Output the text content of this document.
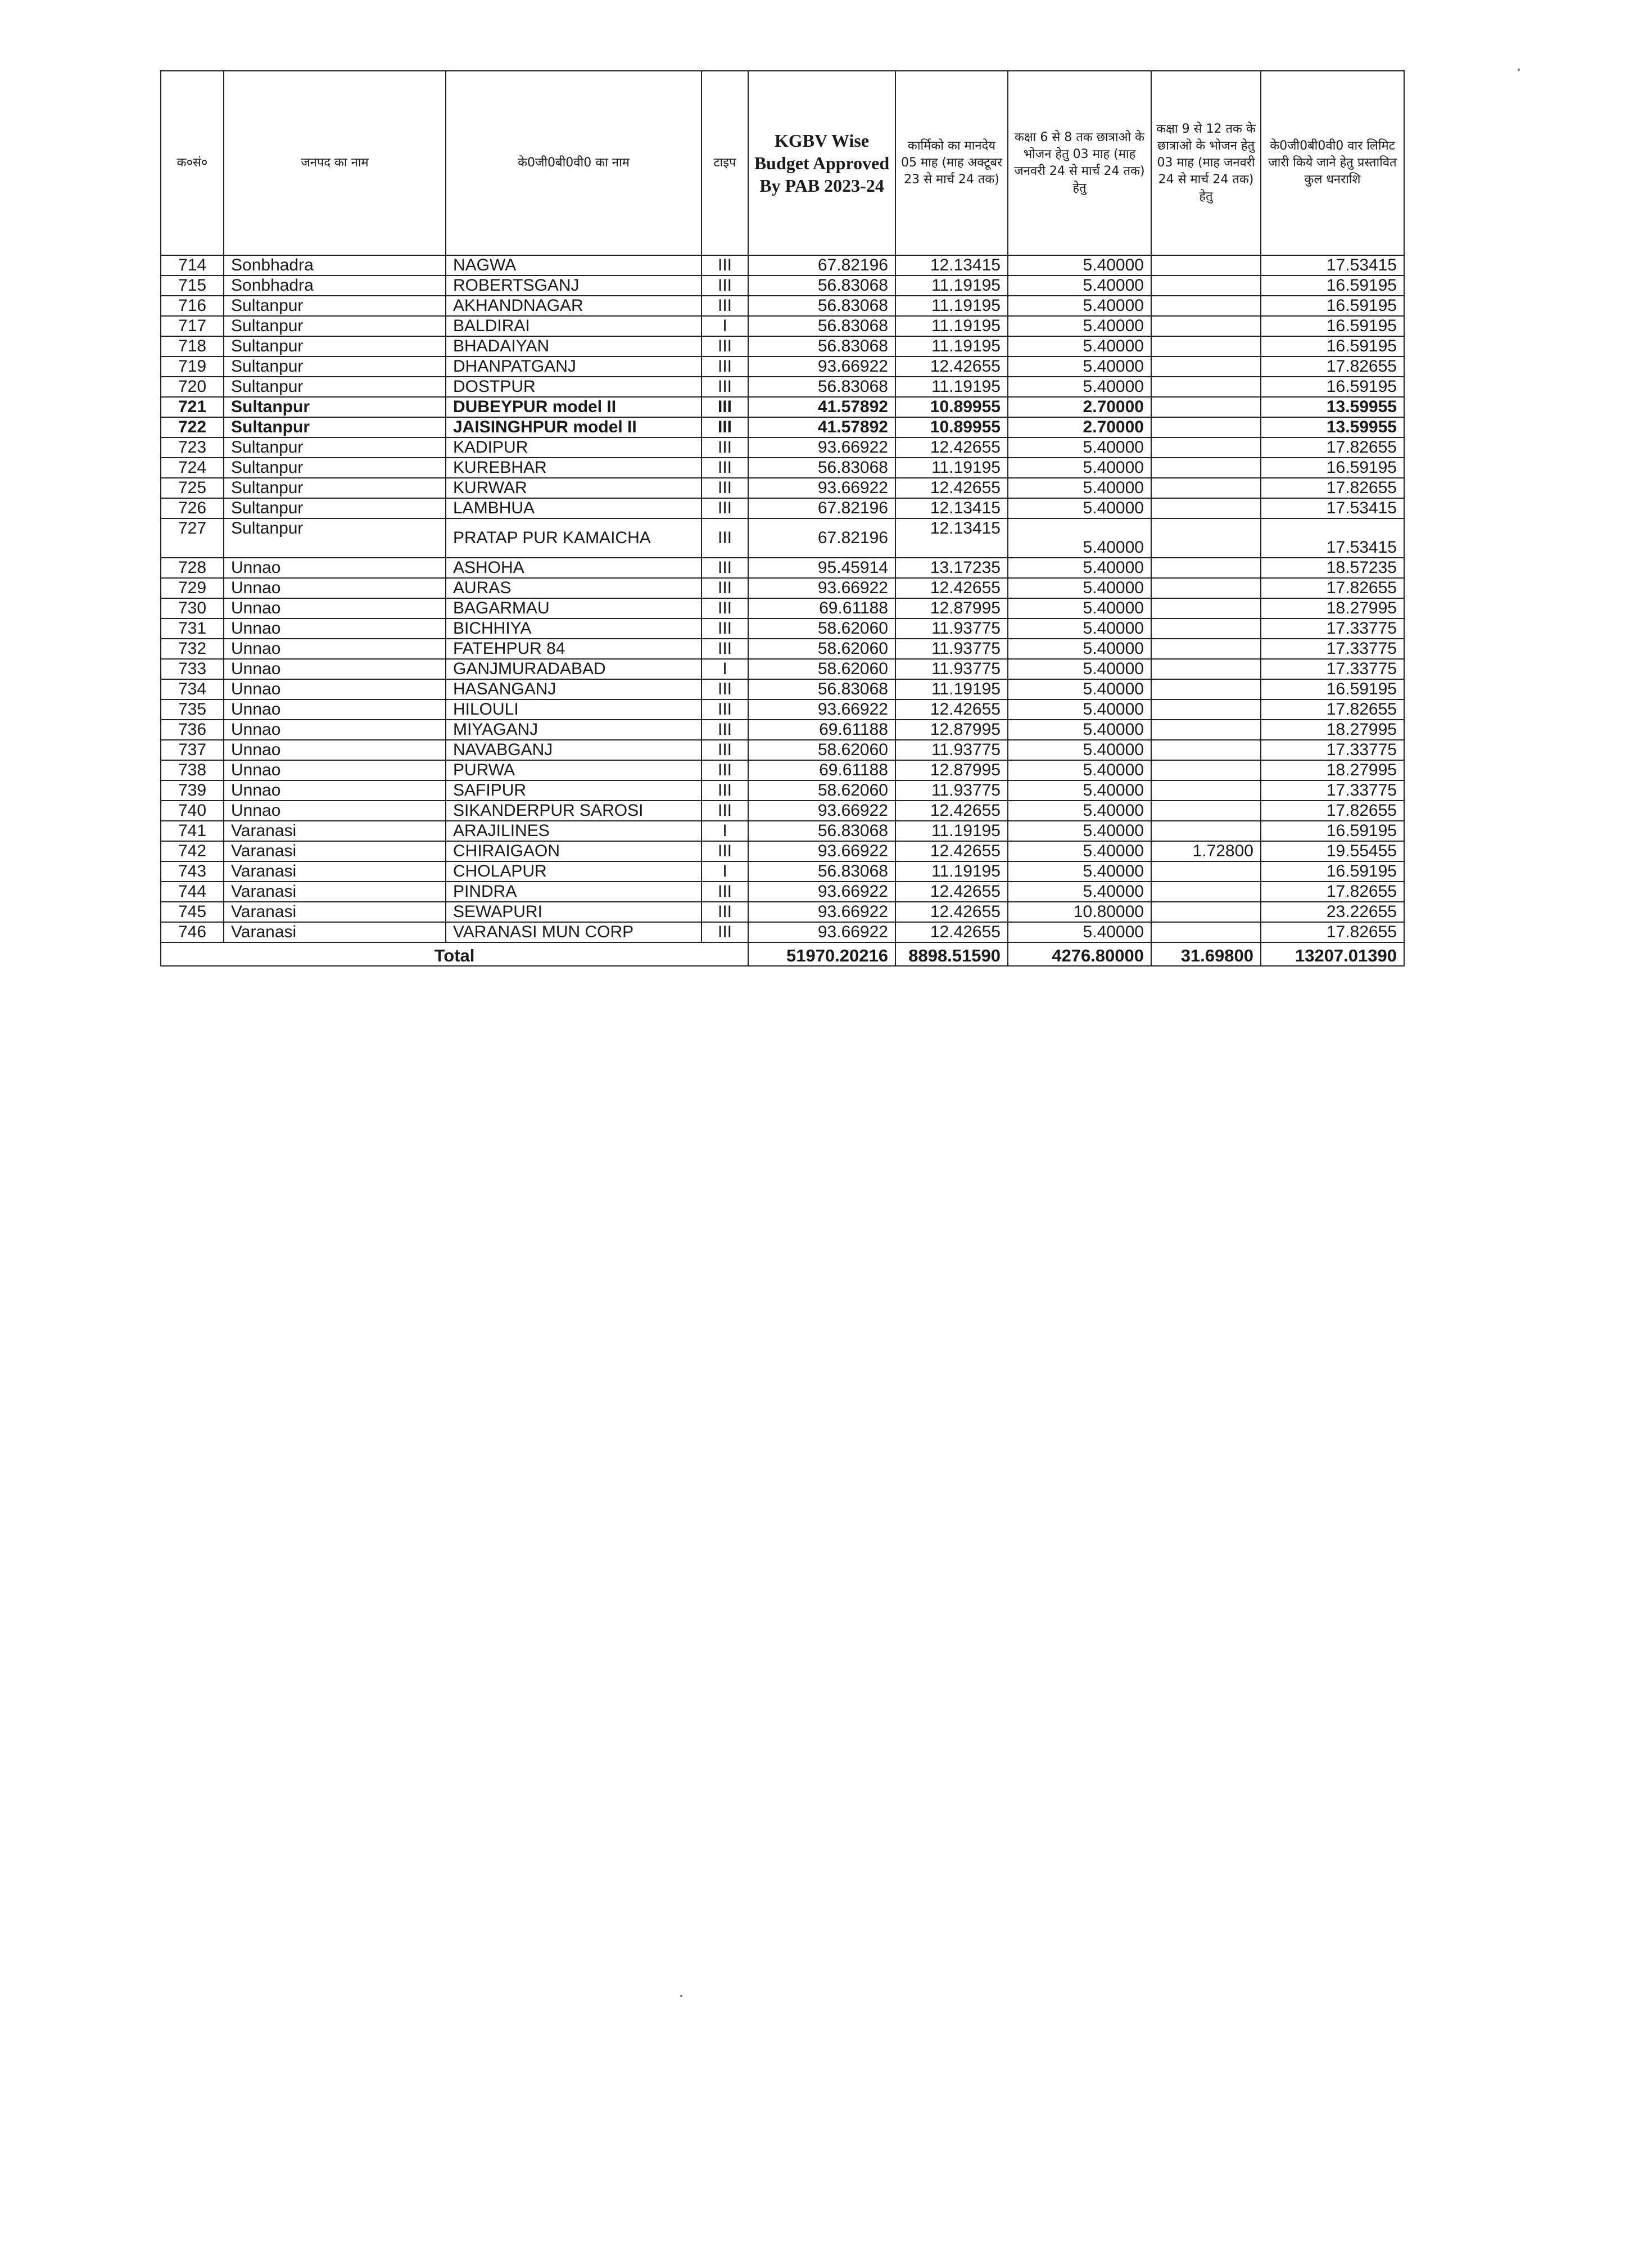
क०सं०	जनपद का नाम	के0जी0बी0वी0 का नाम	टाइप	KGBV Wise Budget Approved By PAB 2023-24	कार्मिको का मानदेय 05 माह (माह अक्टूबर 23 से मार्च 24 तक)	कक्षा 6 से 8 तक छात्राओ के भोजन हेतु 03 माह (माह जनवरी 24 से मार्च 24 तक) हेतु	कक्षा 9 से 12 तक के छात्राओ के भोजन हेतु 03 माह (माह जनवरी 24 से मार्च 24 तक) हेतु	के0जी0बी0वी0 वार लिमिट जारी किये जाने हेतु प्रस्तावित कुल धनराशि
714	Sonbhadra	NAGWA	III	67.82196	12.13415	5.40000		17.53415
715	Sonbhadra	ROBERTSGANJ	III	56.83068	11.19195	5.40000		16.59195
716	Sultanpur	AKHANDNAGAR	III	56.83068	11.19195	5.40000		16.59195
717	Sultanpur	BALDIRAI	I	56.83068	11.19195	5.40000		16.59195
718	Sultanpur	BHADAIYAN	III	56.83068	11.19195	5.40000		16.59195
719	Sultanpur	DHANPATGANJ	III	93.66922	12.42655	5.40000		17.82655
720	Sultanpur	DOSTPUR	III	56.83068	11.19195	5.40000		16.59195
721	Sultanpur	DUBEYPUR model II	III	41.57892	10.89955	2.70000		13.59955
722	Sultanpur	JAISINGHPUR model II	III	41.57892	10.89955	2.70000		13.59955
723	Sultanpur	KADIPUR	III	93.66922	12.42655	5.40000		17.82655
724	Sultanpur	KUREBHAR	III	56.83068	11.19195	5.40000		16.59195
725	Sultanpur	KURWAR	III	93.66922	12.42655	5.40000		17.82655
726	Sultanpur	LAMBHUA	III	67.82196	12.13415	5.40000		17.53415
727	Sultanpur	PRATAP PUR KAMAICHA	III	67.82196	12.13415	5.40000		17.53415
728	Unnao	ASHOHA	III	95.45914	13.17235	5.40000		18.57235
729	Unnao	AURAS	III	93.66922	12.42655	5.40000		17.82655
730	Unnao	BAGARMAU	III	69.61188	12.87995	5.40000		18.27995
731	Unnao	BICHHIYA	III	58.62060	11.93775	5.40000		17.33775
732	Unnao	FATEHPUR 84	III	58.62060	11.93775	5.40000		17.33775
733	Unnao	GANJMURADABAD	I	58.62060	11.93775	5.40000		17.33775
734	Unnao	HASANGANJ	III	56.83068	11.19195	5.40000		16.59195
735	Unnao	HILOULI	III	93.66922	12.42655	5.40000		17.82655
736	Unnao	MIYAGANJ	III	69.61188	12.87995	5.40000		18.27995
737	Unnao	NAVABGANJ	III	58.62060	11.93775	5.40000		17.33775
738	Unnao	PURWA	III	69.61188	12.87995	5.40000		18.27995
739	Unnao	SAFIPUR	III	58.62060	11.93775	5.40000		17.33775
740	Unnao	SIKANDERPUR SAROSI	III	93.66922	12.42655	5.40000		17.82655
741	Varanasi	ARAJILINES	I	56.83068	11.19195	5.40000		16.59195
742	Varanasi	CHIRAIGAON	III	93.66922	12.42655	5.40000	1.72800	19.55455
743	Varanasi	CHOLAPUR	I	56.83068	11.19195	5.40000		16.59195
744	Varanasi	PINDRA	III	93.66922	12.42655	5.40000		17.82655
745	Varanasi	SEWAPURI	III	93.66922	12.42655	10.80000		23.22655
746	Varanasi	VARANASI MUN CORP	III	93.66922	12.42655	5.40000		17.82655
Total				51970.20216	8898.51590	4276.80000	31.69800	13207.01390
